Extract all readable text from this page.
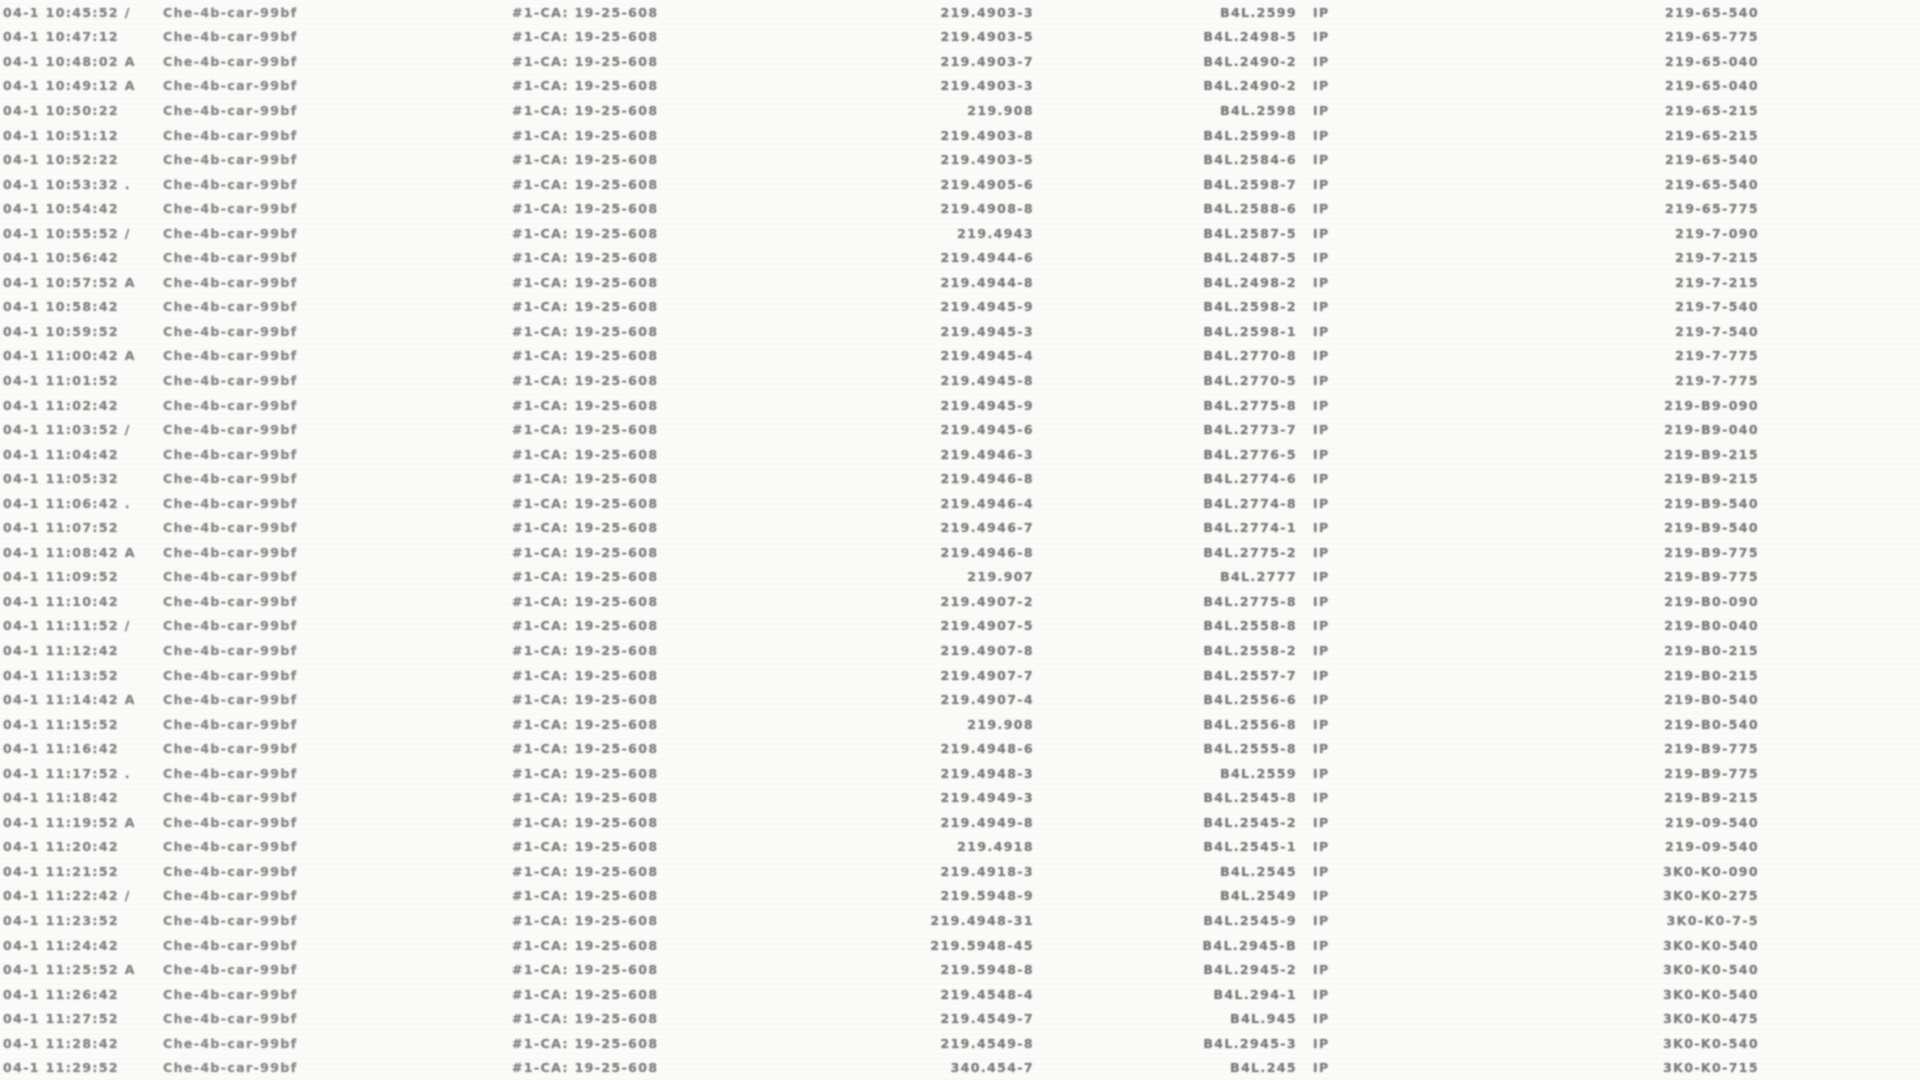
04-1 10:45:52 /	Che-4b-car-99bf	#1-CA: 19-25-608	219.4903-3	B4L.2599	IP	219-65-540
04-1 10:47:12	Che-4b-car-99bf	#1-CA: 19-25-608	219.4903-5	B4L.2498-5	IP	219-65-775
04-1 10:48:02 A	Che-4b-car-99bf	#1-CA: 19-25-608	219.4903-7	B4L.2490-2	IP	219-65-040
04-1 10:49:12 A	Che-4b-car-99bf	#1-CA: 19-25-608	219.4903-3	B4L.2490-2	IP	219-65-040
04-1 10:50:22	Che-4b-car-99bf	#1-CA: 19-25-608	219.908	B4L.2598	IP	219-65-215
04-1 10:51:12	Che-4b-car-99bf	#1-CA: 19-25-608	219.4903-8	B4L.2599-8	IP	219-65-215
04-1 10:52:22	Che-4b-car-99bf	#1-CA: 19-25-608	219.4903-5	B4L.2584-6	IP	219-65-540
04-1 10:53:32 .	Che-4b-car-99bf	#1-CA: 19-25-608	219.4905-6	B4L.2598-7	IP	219-65-540
04-1 10:54:42	Che-4b-car-99bf	#1-CA: 19-25-608	219.4908-8	B4L.2588-6	IP	219-65-775
04-1 10:55:52 /	Che-4b-car-99bf	#1-CA: 19-25-608	219.4943	B4L.2587-5	IP	219-7-090
04-1 10:56:42	Che-4b-car-99bf	#1-CA: 19-25-608	219.4944-6	B4L.2487-5	IP	219-7-215
04-1 10:57:52 A	Che-4b-car-99bf	#1-CA: 19-25-608	219.4944-8	B4L.2498-2	IP	219-7-215
04-1 10:58:42	Che-4b-car-99bf	#1-CA: 19-25-608	219.4945-9	B4L.2598-2	IP	219-7-540
04-1 10:59:52	Che-4b-car-99bf	#1-CA: 19-25-608	219.4945-3	B4L.2598-1	IP	219-7-540
04-1 11:00:42 A	Che-4b-car-99bf	#1-CA: 19-25-608	219.4945-4	B4L.2770-8	IP	219-7-775
04-1 11:01:52	Che-4b-car-99bf	#1-CA: 19-25-608	219.4945-8	B4L.2770-5	IP	219-7-775
04-1 11:02:42	Che-4b-car-99bf	#1-CA: 19-25-608	219.4945-9	B4L.2775-8	IP	219-B9-090
04-1 11:03:52 /	Che-4b-car-99bf	#1-CA: 19-25-608	219.4945-6	B4L.2773-7	IP	219-B9-040
04-1 11:04:42	Che-4b-car-99bf	#1-CA: 19-25-608	219.4946-3	B4L.2776-5	IP	219-B9-215
04-1 11:05:32	Che-4b-car-99bf	#1-CA: 19-25-608	219.4946-8	B4L.2774-6	IP	219-B9-215
04-1 11:06:42 .	Che-4b-car-99bf	#1-CA: 19-25-608	219.4946-4	B4L.2774-8	IP	219-B9-540
04-1 11:07:52	Che-4b-car-99bf	#1-CA: 19-25-608	219.4946-7	B4L.2774-1	IP	219-B9-540
04-1 11:08:42 A	Che-4b-car-99bf	#1-CA: 19-25-608	219.4946-8	B4L.2775-2	IP	219-B9-775
04-1 11:09:52	Che-4b-car-99bf	#1-CA: 19-25-608	219.907	B4L.2777	IP	219-B9-775
04-1 11:10:42	Che-4b-car-99bf	#1-CA: 19-25-608	219.4907-2	B4L.2775-8	IP	219-B0-090
04-1 11:11:52 /	Che-4b-car-99bf	#1-CA: 19-25-608	219.4907-5	B4L.2558-8	IP	219-B0-040
04-1 11:12:42	Che-4b-car-99bf	#1-CA: 19-25-608	219.4907-8	B4L.2558-2	IP	219-B0-215
04-1 11:13:52	Che-4b-car-99bf	#1-CA: 19-25-608	219.4907-7	B4L.2557-7	IP	219-B0-215
04-1 11:14:42 A	Che-4b-car-99bf	#1-CA: 19-25-608	219.4907-4	B4L.2556-6	IP	219-B0-540
04-1 11:15:52	Che-4b-car-99bf	#1-CA: 19-25-608	219.908	B4L.2556-8	IP	219-B0-540
04-1 11:16:42	Che-4b-car-99bf	#1-CA: 19-25-608	219.4948-6	B4L.2555-8	IP	219-B9-775
04-1 11:17:52 .	Che-4b-car-99bf	#1-CA: 19-25-608	219.4948-3	B4L.2559	IP	219-B9-775
04-1 11:18:42	Che-4b-car-99bf	#1-CA: 19-25-608	219.4949-3	B4L.2545-8	IP	219-B9-215
04-1 11:19:52 A	Che-4b-car-99bf	#1-CA: 19-25-608	219.4949-8	B4L.2545-2	IP	219-09-540
04-1 11:20:42	Che-4b-car-99bf	#1-CA: 19-25-608	219.4918	B4L.2545-1	IP	219-09-540
04-1 11:21:52	Che-4b-car-99bf	#1-CA: 19-25-608	219.4918-3	B4L.2545	IP	3K0-K0-090
04-1 11:22:42 /	Che-4b-car-99bf	#1-CA: 19-25-608	219.5948-9	B4L.2549	IP	3K0-K0-275
04-1 11:23:52	Che-4b-car-99bf	#1-CA: 19-25-608	219.4948-31	B4L.2545-9	IP	3K0-K0-7-5
04-1 11:24:42	Che-4b-car-99bf	#1-CA: 19-25-608	219.5948-45	B4L.2945-B	IP	3K0-K0-540
04-1 11:25:52 A	Che-4b-car-99bf	#1-CA: 19-25-608	219.5948-8	B4L.2945-2	IP	3K0-K0-540
04-1 11:26:42	Che-4b-car-99bf	#1-CA: 19-25-608	219.4548-4	B4L.294-1	IP	3K0-K0-540
04-1 11:27:52	Che-4b-car-99bf	#1-CA: 19-25-608	219.4549-7	B4L.945	IP	3K0-K0-475
04-1 11:28:42	Che-4b-car-99bf	#1-CA: 19-25-608	219.4549-8	B4L.2945-3	IP	3K0-K0-540
04-1 11:29:52	Che-4b-car-99bf	#1-CA: 19-25-608	340.454-7	B4L.245	IP	3K0-K0-715
